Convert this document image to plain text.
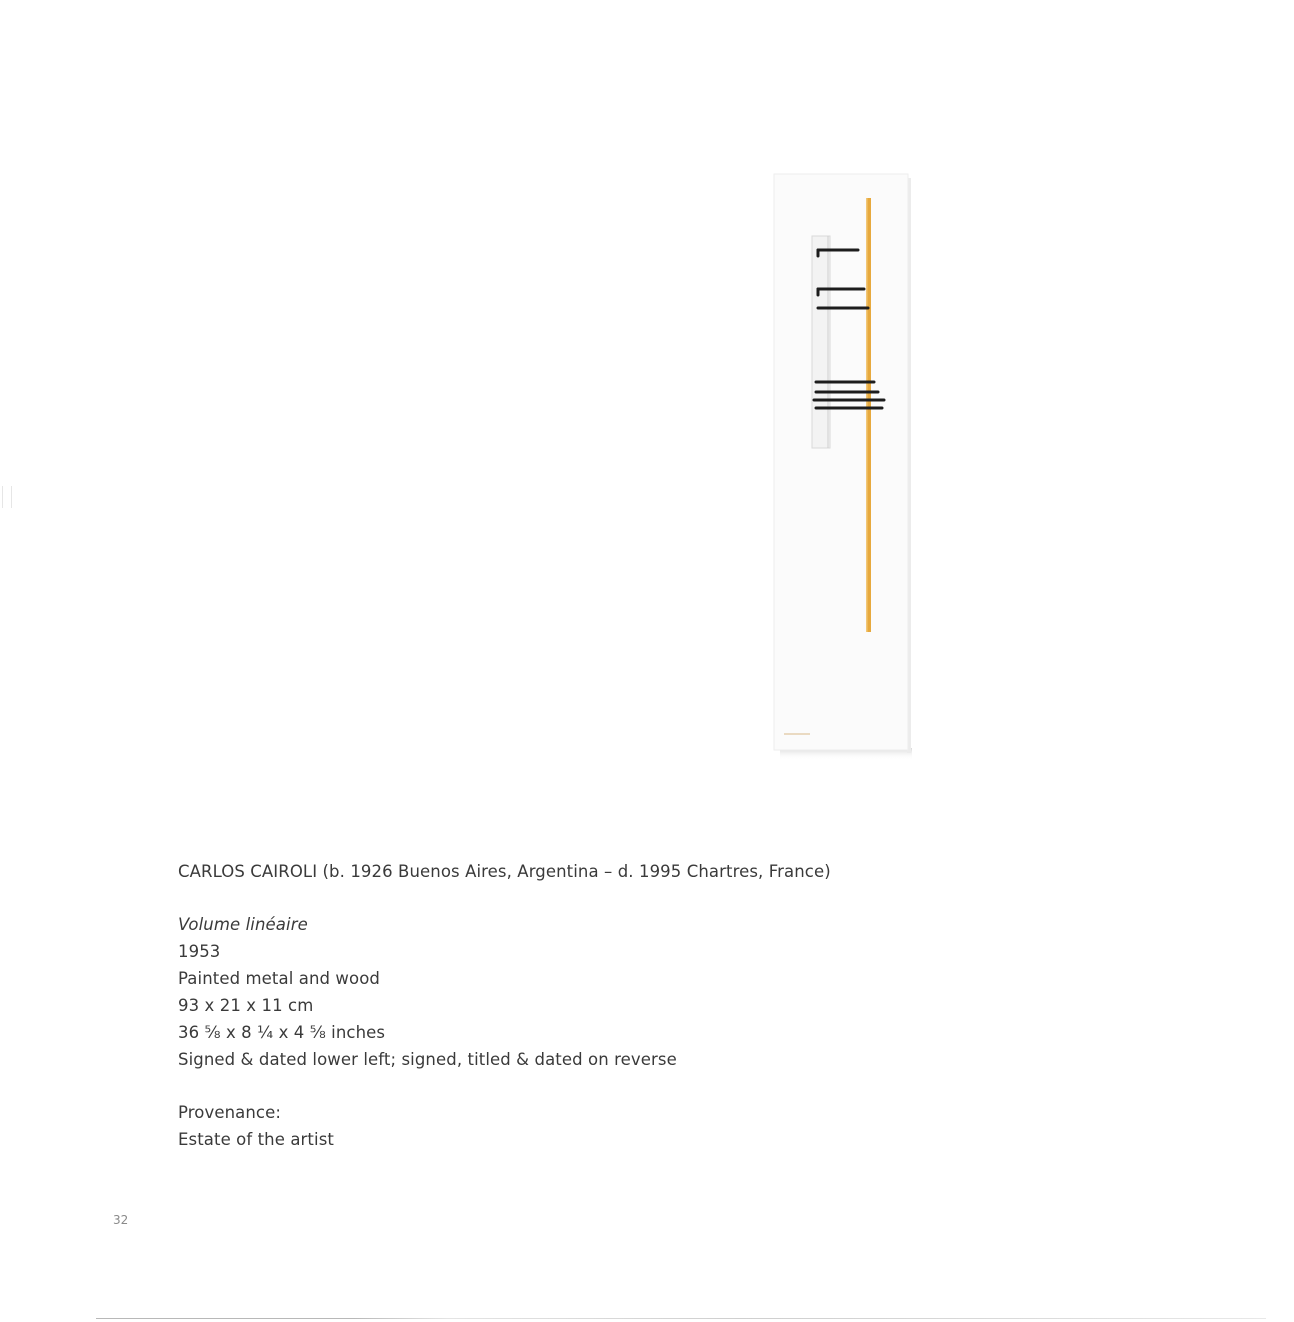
CARLOS CAIROLI (b. 1926 Buenos Aires, Argentina – d. 1995 Chartres, France)
Volume linéaire
1953
Painted metal and wood
93 x 21 x 11 cm
36 ⅝ x 8 ¼ x 4 ⅝ inches
Signed & dated lower left; signed, titled & dated on reverse
Provenance:
Estate of the artist
32
